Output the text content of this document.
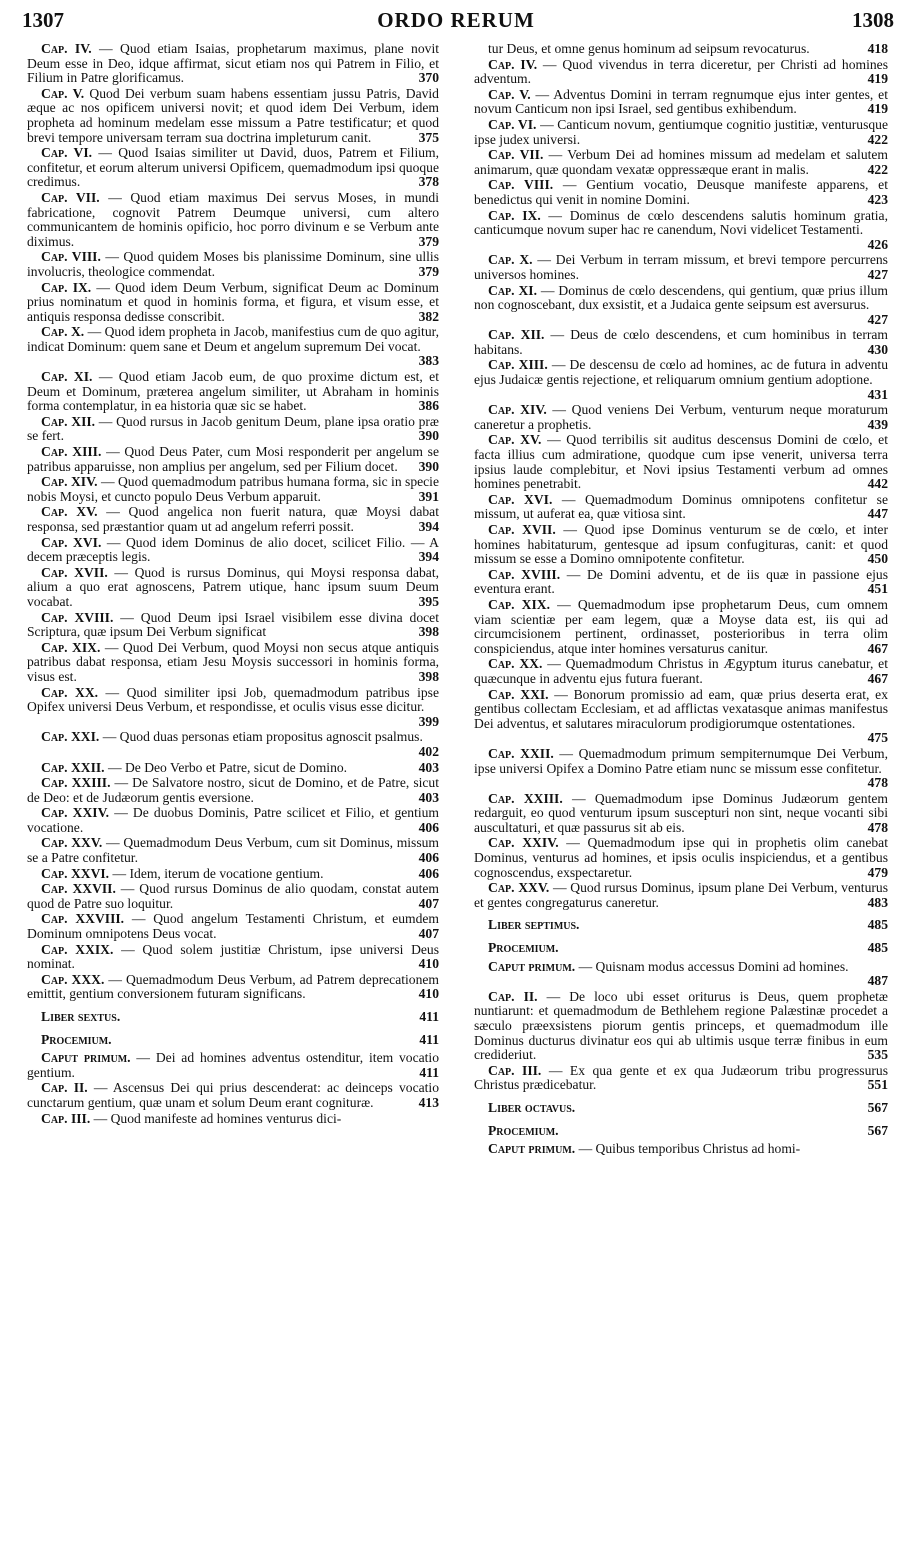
1307	ORDO RERUM	1308
Cap. IV. — Quod etiam Isaias, prophetarum maximus, plane novit Deum esse in Deo, idque affirmat, sicut etiam nos qui Patrem in Filio, et Filium in Patre glorificamus.	370
Cap. V. Quod Dei verbum suam habens essentiam jussu Patris, David æque ac nos opificem universi novit; et quod idem Dei Verbum, idem propheta ad hominum medelam esse missum a Patre testificatur; et quod brevi tempore universam terram sua doctrina impleturum canit.	375
Cap. VI. — Quod Isaias similiter ut David, duos, Patrem et Filium, confitetur, et eorum alterum universi Opificem, quemadmodum ipsi quoque credimus.	378
Cap. VII. — Quod etiam maximus Dei servus Moses, in mundi fabricatione, cognovit Patrem Deumque universi, cum altero communicantem de hominis opificio, hoc porro divinum e se Verbum ante diximus.	379
Cap. VIII. — Quod quidem Moses bis planissime Dominum, sine ullis involucris, theologice commendat.	379
Cap. IX. — Quod idem Deum Verbum, significat Deum ac Dominum prius nominatum et quod in hominis forma, et figura, et visum esse, et antiquis responsa dedisse conscribit.	382
Cap. X. — Quod idem propheta in Jacob, manifestius cum de quo agitur, indicat Dominum: quem sane et Deum et angelum supremum Dei vocat.
383
Cap. XI. — Quod etiam Jacob eum, de quo proxime dictum est, et Deum et Dominum, præterea angelum similiter, ut Abraham in hominis forma contemplatur, in ea historia quæ sic se habet.	386
Cap. XII. — Quod rursus in Jacob genitum Deum, plane ipsa oratio præ se fert.	390
Cap. XIII. — Quod Deus Pater, cum Mosi responderit per angelum se patribus apparuisse, non amplius per angelum, sed per Filium docet.	390
Cap. XIV. — Quod quemadmodum patribus humana forma, sic in specie nobis Moysi, et cuncto populo Deus Verbum apparuit.	391
Cap. XV. — Quod angelica non fuerit natura, quæ Moysi dabat responsa, sed præstantior quam ut ad angelum referri possit.	394
Cap. XVI. — Quod idem Dominus de alio docet, scilicet Filio. — A decem præceptis legis.	394
Cap. XVII. — Quod is rursus Dominus, qui Moysi responsa dabat, alium a quo erat agnoscens, Patrem utique, hanc ipsum suum Deum vocabat.	395
Cap. XVIII. — Quod Deum ipsi Israel visibilem esse divina docet Scriptura, quæ ipsum Dei Verbum significat	398
Cap. XIX. — Quod Dei Verbum, quod Moysi non secus atque antiquis patribus dabat responsa, etiam Jesu Moysis successori in hominis forma, visus est.	398
Cap. XX. — Quod similiter ipsi Job, quemadmodum patribus ipse Opifex universi Deus Verbum, et respondisse, et oculis visus esse dicitur.
399
Cap. XXI. — Quod duas personas etiam propositus agnoscit psalmus.
402
Cap. XXII. — De Deo Verbo et Patre, sicut de Domino.	403
Cap. XXIII. — De Salvatore nostro, sicut de Domino, et de Patre, sicut de Deo: et de Judæorum gentis eversione.	403
Cap. XXIV. — De duobus Dominis, Patre scilicet et Filio, et gentium vocatione.	406
Cap. XXV. — Quemadmodum Deus Verbum, cum sit Dominus, missum se a Patre confitetur.	406
Cap. XXVI. — Idem, iterum de vocatione gentium.	406
Cap. XXVII. — Quod rursus Dominus de alio quodam, constat autem quod de Patre suo loquitur.	407
Cap. XXVIII. — Quod angelum Testamenti Christum, et eumdem Dominum omnipotens Deus vocat.	407
Cap. XXIX. — Quod solem justitiæ Christum, ipse universi Deus nominat.	410
Cap. XXX. — Quemadmodum Deus Verbum, ad Patrem deprecationem emittit, gentium conversionem futuram significans.	410
Liber sextus.	411
Procemium.	411
Caput primum. — Dei ad homines adventus ostenditur, item vocatio gentium.	411
Cap. II. — Ascensus Dei qui prius descenderat: ac deinceps vocatio cunctarum gentium, quæ unam et solum Deum erant cognituræ.	413
Cap. III. — Quod manifeste ad homines venturus dici-
tur Deus, et omne genus hominum ad seipsum revocaturus.	418
Cap. IV. — Quod vivendus in terra diceretur, per Christi ad homines adventum.	419
Cap. V. — Adventus Domini in terram regnumque ejus inter gentes, et novum Canticum non ipsi Israel, sed gentibus exhibendum.	419
Cap. VI. — Canticum novum, gentiumque cognitio justitiæ, venturusque ipse judex universi.	422
Cap. VII. — Verbum Dei ad homines missum ad medelam et salutem animarum, quæ quondam vexatæ oppressæque erant in malis.	422
Cap. VIII. — Gentium vocatio, Deusque manifeste apparens, et benedictus qui venit in nomine Domini.	423
Cap. IX. — Dominus de cœlo descendens salutis hominum gratia, canticumque novum super hac re canendum, Novi videlicet Testamenti.
426
Cap. X. — Dei Verbum in terram missum, et brevi tempore percurrens universos homines.	427
Cap. XI. — Dominus de cœlo descendens, qui gentium, quæ prius illum non cognoscebant, dux exsistit, et a Judaica gente seipsum est aversurus.
427
Cap. XII. — Deus de cœlo descendens, et cum hominibus in terram habitans.	430
Cap. XIII. — De descensu de cœlo ad homines, ac de futura in adventu ejus Judaicæ gentis rejectione, et reliquarum omnium gentium adoptione.
431
Cap. XIV. — Quod veniens Dei Verbum, venturum neque moraturum caneretur a prophetis.	439
Cap. XV. — Quod terribilis sit auditus descensus Domini de cœlo, et facta illius cum admiratione, quodque cum ipse venerit, universa terra ipsius laude complebitur, et Novi ipsius Testamenti verbum ad omnes homines penetrabit.	442
Cap. XVI. — Quemadmodum Dominus omnipotens confitetur se missum, ut auferat ea, quæ vitiosa sint.	447
Cap. XVII. — Quod ipse Dominus venturum se de cœlo, et inter homines habitaturum, gentesque ad ipsum confugituras, canit: et quod missum se esse a Domino omnipotente confitetur.	450
Cap. XVIII. — De Domini adventu, et de iis quæ in passione ejus eventura erant.	451
Cap. XIX. — Quemadmodum ipse prophetarum Deus, cum omnem viam scientiæ per eam legem, quæ a Moyse data est, iis qui ad circumcisionem pertinent, ordinasset, posterioribus in terra olim conspiciendus, atque inter homines versaturus canitur.	467
Cap. XX. — Quemadmodum Christus in Ægyptum iturus canebatur, et quæcunque in adventu ejus futura fuerant.	467
Cap. XXI. — Bonorum promissio ad eam, quæ prius deserta erat, ex gentibus collectam Ecclesiam, et ad afflictas vexatasque animas manifestus Dei adventus, et salutares miraculorum prodigiorumque ostentationes.
475
Cap. XXII. — Quemadmodum primum sempiternumque Dei Verbum, ipse universi Opifex a Domino Patre etiam nunc se missum esse confitetur.
478
Cap. XXIII. — Quemadmodum ipse Dominus Judæorum gentem redarguit, eo quod venturum ipsum suscepturi non sint, neque vocanti sibi auscultaturi, et quæ passurus sit ab eis.	478
Cap. XXIV. — Quemadmodum ipse qui in prophetis olim canebat Dominus, venturus ad homines, et ipsis oculis inspiciendus, et a gentibus cognoscendus, exspectaretur.	479
Cap. XXV. — Quod rursus Dominus, ipsum plane Dei Verbum, venturus et gentes congregaturus caneretur.	483
Liber septimus.	485
Procemium.	485
Caput primum. — Quisnam modus accessus Domini ad homines.
487
Cap. II. — De loco ubi esset oriturus is Deus, quem prophetæ nuntiarunt: et quemadmodum de Bethlehem regione Palæstinæ procedet a sæculo præexsistens piorum gentis princeps, et quemadmodum ille Dominus ducturus divinatur eos qui ab ultimis usque terræ finibus in eum credideriut.	535
Cap. III. — Ex qua gente et ex qua Judæorum tribu progressurus Christus prædicebatur.	551
Liber octavus.	567
Procemium.	567
Caput primum. — Quibus temporibus Christus ad homi-
